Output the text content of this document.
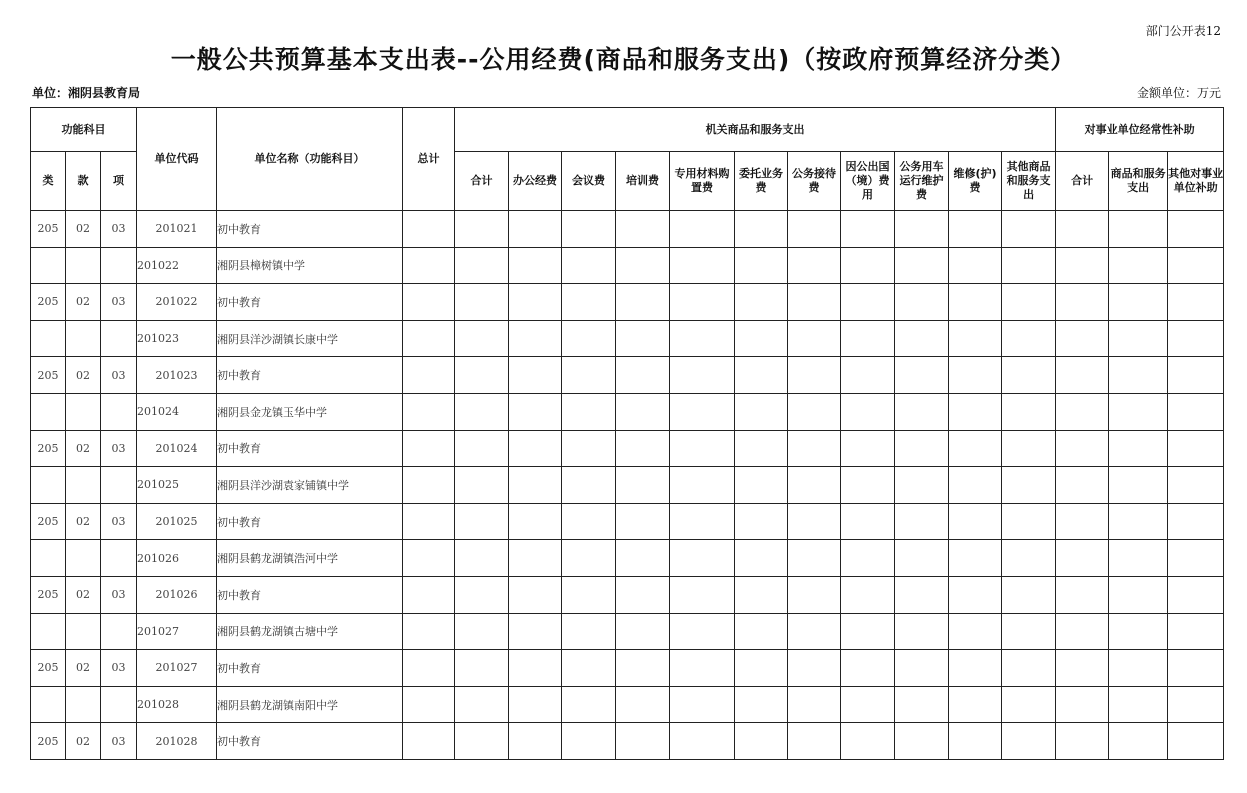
部门公开表12
一般公共预算基本支出表--公用经费(商品和服务支出)（按政府预算经济分类）
单位：湘阴县教育局	金额单位：万元
功能科目			单位代码	单位名称（功能科目）	总计	机关商品和服务支出											对事业单位经常性补助		
类	款	项				合计	办公经费	会议费	培训费	专用材料购置费	委托业务费	公务接待费	因公出国（境）费用	公务用车运行维护费	维修(护)费	其他商品和服务支出	合计	商品和服务支出	其他对事业单位补助
205	02	03	201021	初中教育															
			201022	湘阴县樟树镇中学															
205	02	03	201022	初中教育															
			201023	湘阴县洋沙湖镇长康中学															
205	02	03	201023	初中教育															
			201024	湘阴县金龙镇玉华中学															
205	02	03	201024	初中教育															
			201025	湘阴县洋沙湖袁家铺镇中学															
205	02	03	201025	初中教育															
			201026	湘阴县鹤龙湖镇浩河中学															
205	02	03	201026	初中教育															
			201027	湘阴县鹤龙湖镇古塘中学															
205	02	03	201027	初中教育															
			201028	湘阴县鹤龙湖镇南阳中学															
205	02	03	201028	初中教育															
